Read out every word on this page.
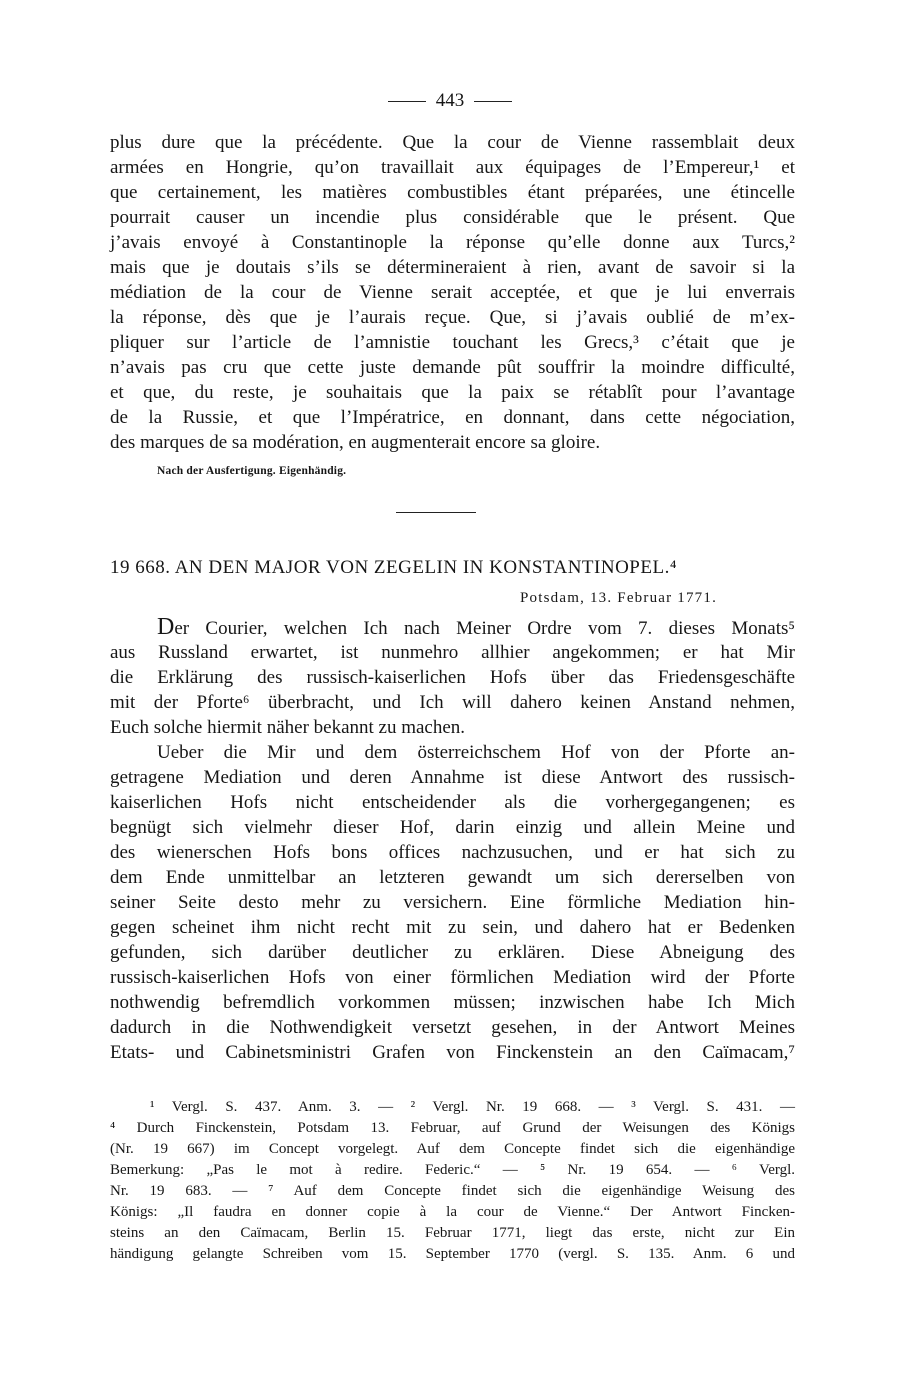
443
plus dure que la précédente. Que la cour de Vienne rassemblait deux
armées en Hongrie, qu’on travaillait aux équipages de l’Empereur,¹ et
que certainement, les matières combustibles étant préparées, une étincelle
pourrait causer un incendie plus considérable que le présent. Que
j’avais envoyé à Constantinople la réponse qu’elle donne aux Turcs,²
mais que je doutais s’ils se détermineraient à rien, avant de savoir si la
médiation de la cour de Vienne serait acceptée, et que je lui enverrais
la réponse, dès que je l’aurais reçue. Que, si j’avais oublié de m’ex-
pliquer sur l’article de l’amnistie touchant les Grecs,³ c’était que je
n’avais pas cru que cette juste demande pût souffrir la moindre difficulté,
et que, du reste, je souhaitais que la paix se rétablît pour l’avantage
de la Russie, et que l’Impératrice, en donnant, dans cette négociation,
des marques de sa modération, en augmenterait encore sa gloire.
Nach der Ausfertigung. Eigenhändig.
19 668. AN DEN MAJOR VON ZEGELIN IN KONSTANTINOPEL.⁴
Potsdam, 13. Februar 1771.
Der Courier, welchen Ich nach Meiner Ordre vom 7. dieses Monats⁵
aus Russland erwartet, ist nunmehro allhier angekommen; er hat Mir
die Erklärung des russisch-kaiserlichen Hofs über das Friedensgeschäfte
mit der Pforte⁶ überbracht, und Ich will dahero keinen Anstand nehmen,
Euch solche hiermit näher bekannt zu machen.
Ueber die Mir und dem österreichschem Hof von der Pforte an-
getragene Mediation und deren Annahme ist diese Antwort des russisch-
kaiserlichen Hofs nicht entscheidender als die vorhergegangenen; es
begnügt sich vielmehr dieser Hof, darin einzig und allein Meine und
des wienerschen Hofs bons offices nachzusuchen, und er hat sich zu
dem Ende unmittelbar an letzteren gewandt um sich dererselben von
seiner Seite desto mehr zu versichern. Eine förmliche Mediation hin-
gegen scheinet ihm nicht recht mit zu sein, und dahero hat er Bedenken
gefunden, sich darüber deutlicher zu erklären. Diese Abneigung des
russisch-kaiserlichen Hofs von einer förmlichen Mediation wird der Pforte
nothwendig befremdlich vorkommen müssen; inzwischen habe Ich Mich
dadurch in die Nothwendigkeit versetzt gesehen, in der Antwort Meines
Etats- und Cabinetsministri Grafen von Finckenstein an den Caïmacam,⁷
¹ Vergl. S. 437. Anm. 3. — ² Vergl. Nr. 19 668. — ³ Vergl. S. 431. —
⁴ Durch Finckenstein, Potsdam 13. Februar, auf Grund der Weisungen des Königs
(Nr. 19 667) im Concept vorgelegt. Auf dem Concepte findet sich die eigenhändige
Bemerkung: „Pas le mot à redire. Federic.“ — ⁵ Nr. 19 654. — ⁶ Vergl.
Nr. 19 683. — ⁷ Auf dem Concepte findet sich die eigenhändige Weisung des
Königs: „Il faudra en donner copie à la cour de Vienne.“ Der Antwort Fincken-
steins an den Caïmacam, Berlin 15. Februar 1771, liegt das erste, nicht zur Ein
händigung gelangte Schreiben vom 15. September 1770 (vergl. S. 135. Anm. 6 und
